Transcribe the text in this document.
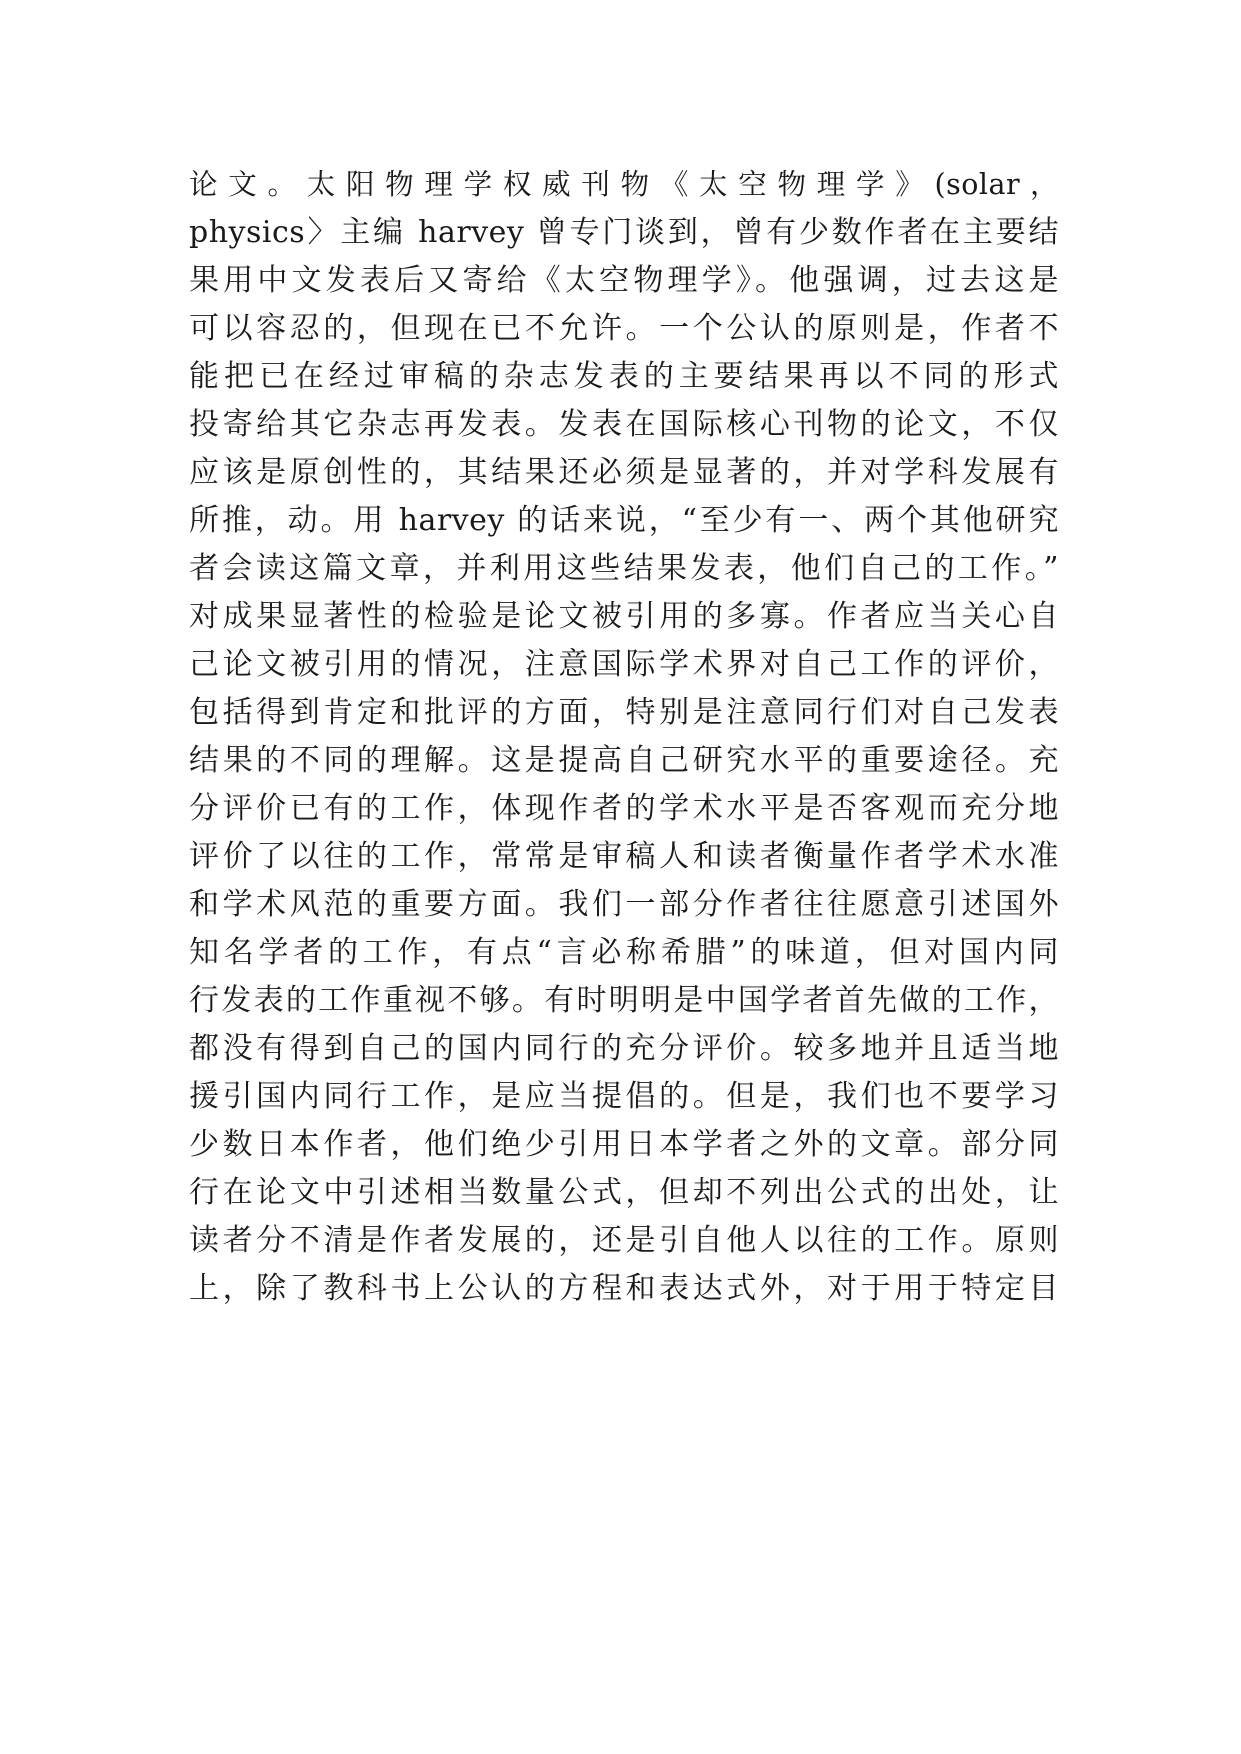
论 文 。 太 阳 物 理 学 权 威 刊 物 《 太 空 物 理 学 》 (solar ，
physics〉主编 harvey 曾专门谈到，曾有少数作者在主要结
果用中文发表后又寄给《太空物理学》。他强调，过去这是
可以容忍的，但现在已不允许。一个公认的原则是，作者不
能把已在经过审稿的杂志发表的主要结果再以不同的形式
投寄给其它杂志再发表。发表在国际核心刊物的论文，不仅
应该是原创性的，其结果还必须是显著的，并对学科发展有
所推，动。用 harvey 的话来说，“至少有一、两个其他研究
者会读这篇文章，并利用这些结果发表，他们自己的工作。”
对成果显著性的检验是论文被引用的多寡。作者应当关心自
己论文被引用的情况，注意国际学术界对自己工作的评价，
包括得到肯定和批评的方面，特别是注意同行们对自己发表
结果的不同的理解。这是提高自己研究水平的重要途径。充
分评价已有的工作，体现作者的学术水平是否客观而充分地
评价了以往的工作，常常是审稿人和读者衡量作者学术水准
和学术风范的重要方面。我们一部分作者往往愿意引述国外
知名学者的工作，有点“言必称希腊”的味道，但对国内同
行发表的工作重视不够。有时明明是中国学者首先做的工作，
都没有得到自己的国内同行的充分评价。较多地并且适当地
援引国内同行工作，是应当提倡的。但是，我们也不要学习
少数日本作者，他们绝少引用日本学者之外的文章。部分同
行在论文中引述相当数量公式，但却不列出公式的出处，让
读者分不清是作者发展的，还是引自他人以往的工作。原则
上，除了教科书上公认的方程和表达式外，对于用于特定目
